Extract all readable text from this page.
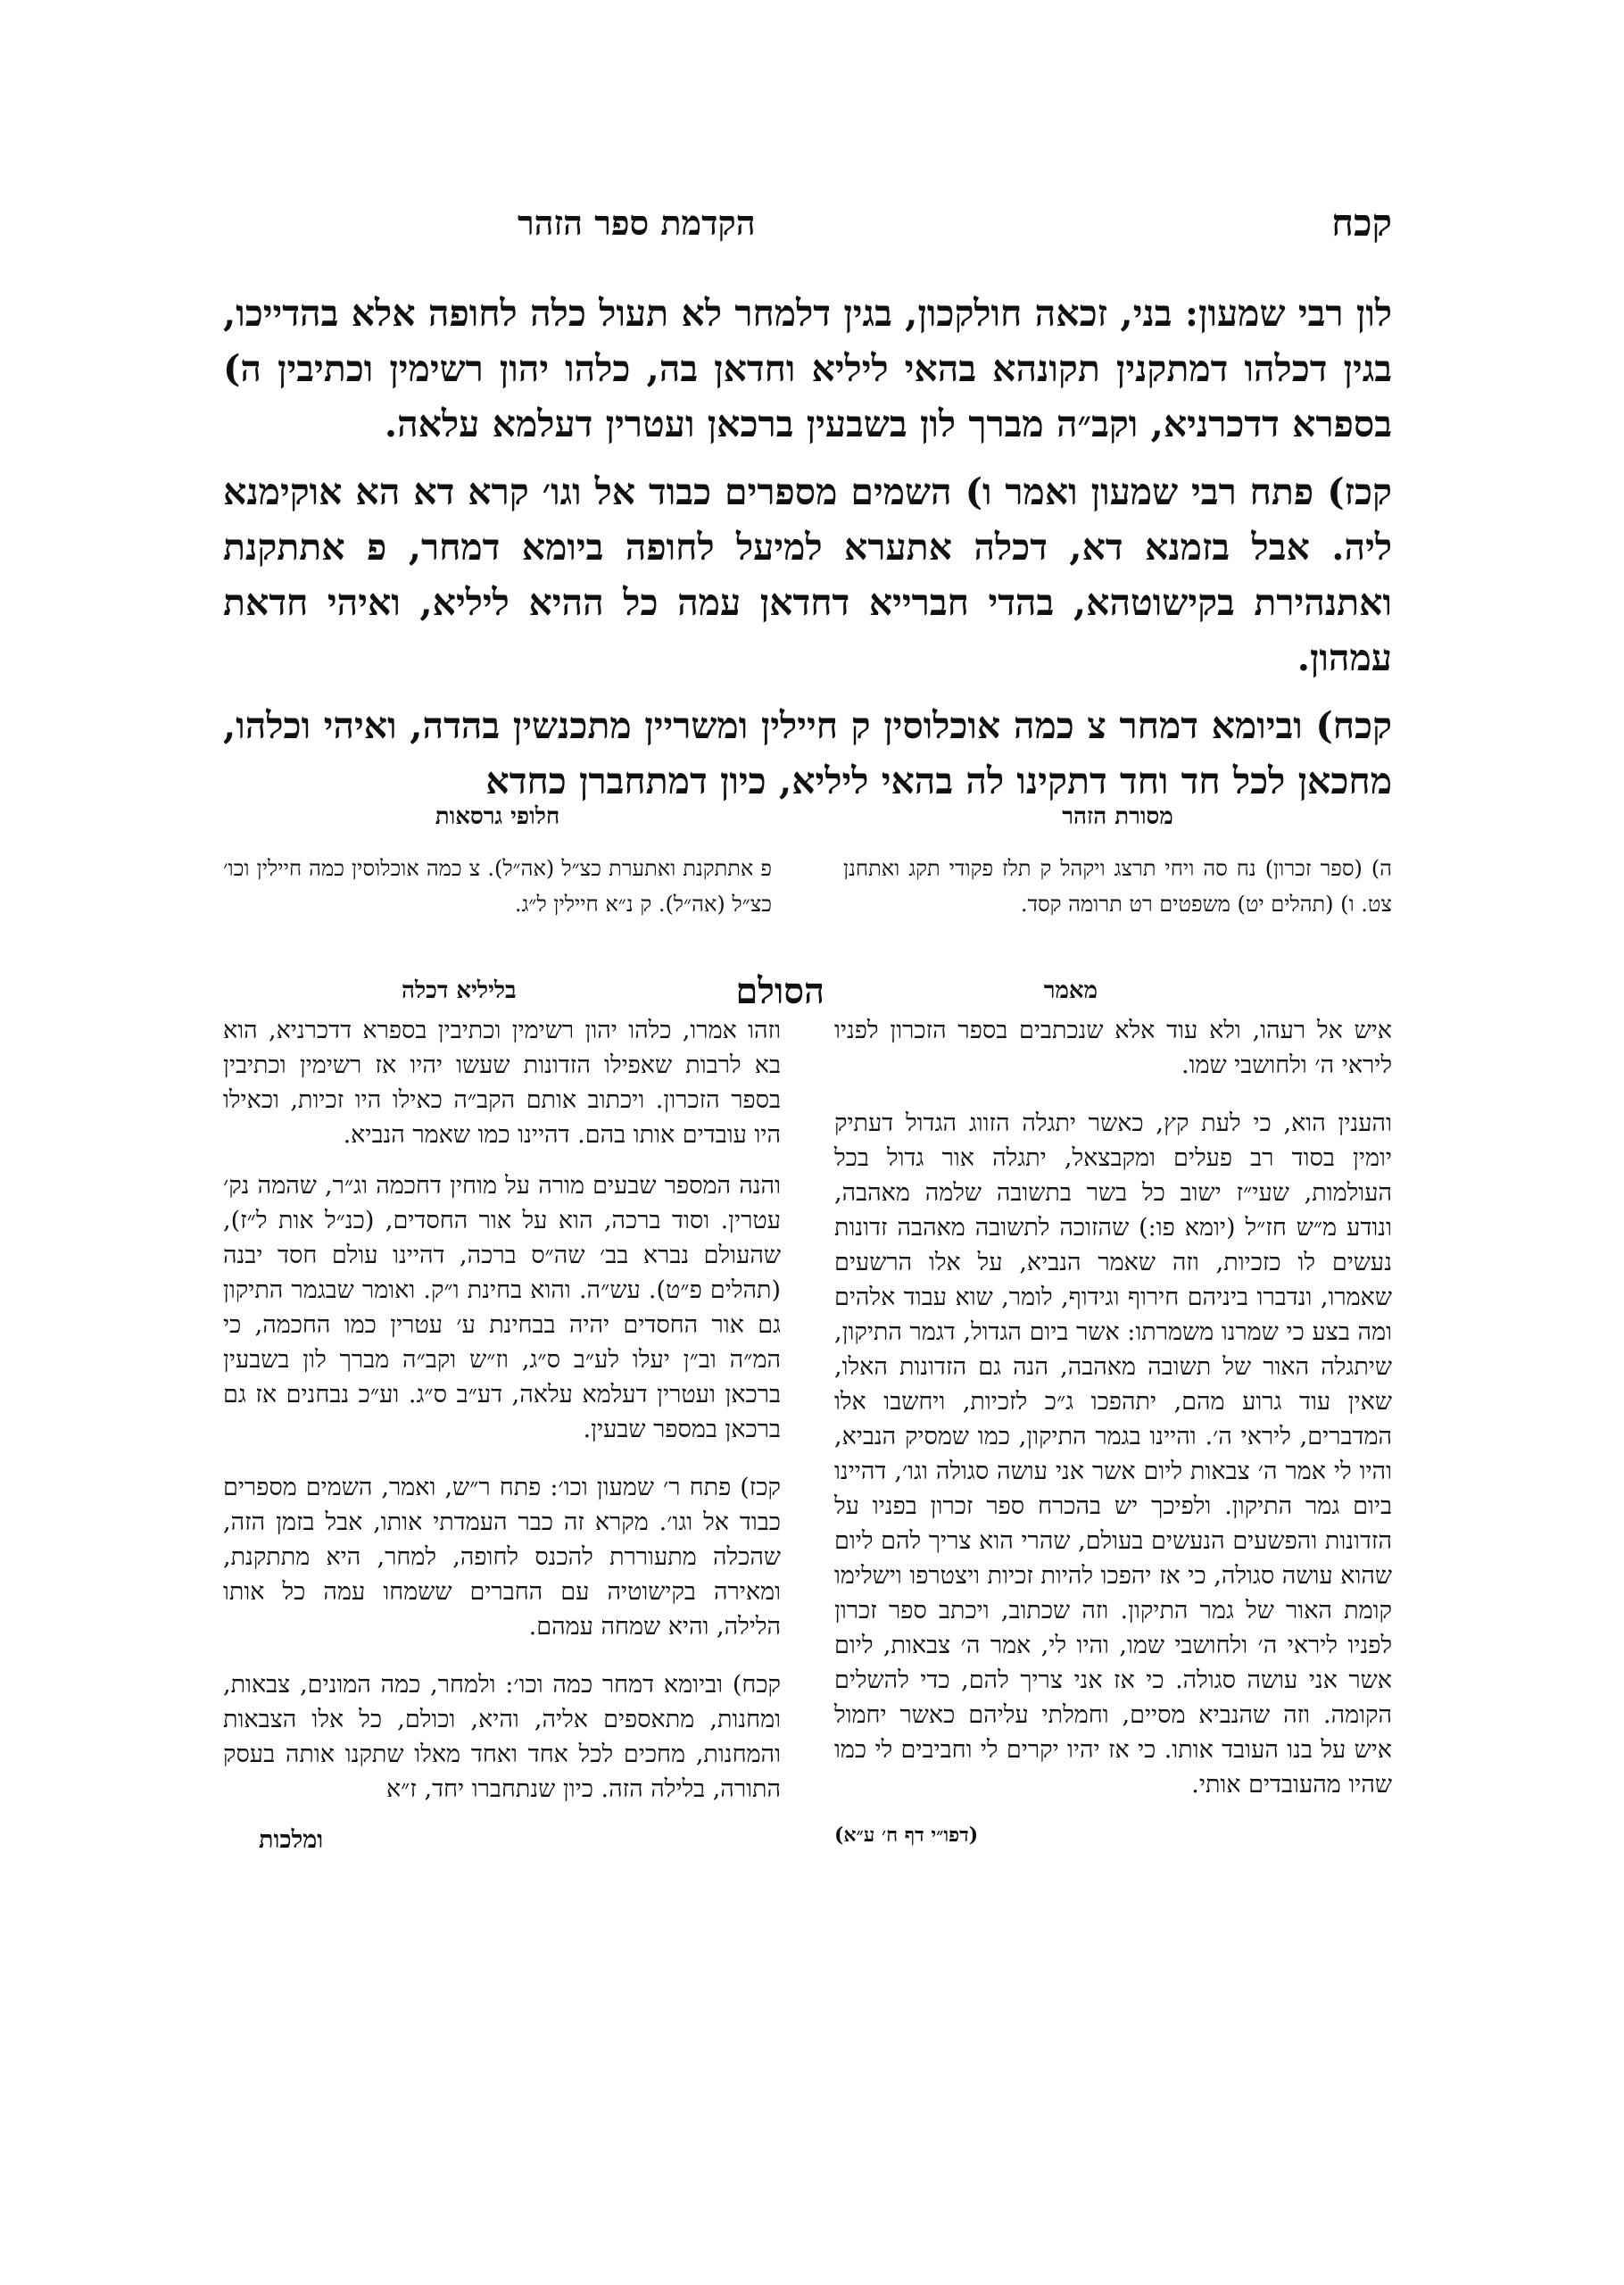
קכח
הקדמת ספר הזהר

לון רבי שמעון: בני, זכאה חולקכון, בגין דלמחר לא תעול כלה לחופה אלא בהדייכו, בגין דכלהו דמתקנין תקונהא בהאי ליליא וחדאן בה, כלהו יהון רשימין וכתיבין ה) בספרא דדכרניא, וקב״ה מברך לון בשבעין ברכאן ועטרין דעלמא עלאה.

קכז) פתח רבי שמעון ואמר ו) השמים מספרים כבוד אל וגו׳ קרא דא הא אוקימנא ליה. אבל בזמנא דא, דכלה אתערא למיעל לחופה ביומא דמחר, פ אתתקנת ואתנהירת בקישוטהא, בהדי חברייא דחדאן עמה כל ההיא ליליא, ואיהי חדאת עמהון.

קכח) וביומא דמחר צ כמה אוכלוסין ק חיילין ומשריין מתכנשין בהדה, ואיהי וכלהו, מחכאן לכל חד וחד דתקינו לה בהאי ליליא, כיון דמתחברן כחדא

מסורת הזהר
ה) (ספר זכרון) נח סה ויחי תרצג ויקהל ק תלז פקודי תקג ואתחנן צט. ו) (תהלים יט) משפטים רט תרומה קסד.
חלופי גרסאות
פ אתתקנת ואתערת כצ״ל (אה״ל). צ כמה אוכלוסין כמה חיילין וכו׳ כצ״ל (אה״ל). ק נ״א חיילין ל״ג.
מאמר
הסולם
בליליא דכלה

איש אל רעהו, ולא עוד אלא שנכתבים בספר הזכרון לפניו ליראי ה׳ ולחושבי שמו.

והענין הוא, כי לעת קץ, כאשר יתגלה הזווג הגדול דעתיק יומין בסוד רב פעלים ומקבצאל, יתגלה אור גדול בכל העולמות, שעי״ז ישוב כל בשר בתשובה שלמה מאהבה, ונודע מ״ש חז״ל (יומא פו:) שהזוכה לתשובה מאהבה זדונות נעשים לו כזכיות, וזה שאמר הנביא, על אלו הרשעים שאמרו, ונדברו ביניהם חירוף וגידוף, לומר, שוא עבוד אלהים ומה בצע כי שמרנו משמרתו: אשר ביום הגדול, דגמר התיקון, שיתגלה האור של תשובה מאהבה, הנה גם הזדונות האלו, שאין עוד גרוע מהם, יתהפכו ג״כ לזכיות, ויחשבו אלו המדברים, ליראי ה׳. והיינו בגמר התיקון, כמו שמסיק הנביא, והיו לי אמר ה׳ צבאות ליום אשר אני עושה סגולה וגו׳, דהיינו ביום גמר התיקון. ולפיכך יש בהכרח ספר זכרון בפניו על הזדונות והפשעים הנעשים בעולם, שהרי הוא צריך להם ליום שהוא עושה סגולה, כי אז יהפכו להיות זכיות ויצטרפו וישלימו קומת האור של גמר התיקון. וזה שכתוב, ויכתב ספר זכרון לפניו ליראי ה׳ ולחושבי שמו, והיו לי, אמר ה׳ צבאות, ליום אשר אני עושה סגולה. כי אז אני צריך להם, כדי להשלים הקומה. וזה שהנביא מסיים, וחמלתי עליהם כאשר יחמול איש על בנו העובד אותו. כי אז יהיו יקרים לי וחביבים לי כמו שהיו מהעובדים אותי.

(דפו״י דף ח׳ ע״א)

וזהו אמרו, כלהו יהון רשימין וכתיבין בספרא דדכרניא, הוא בא לרבות שאפילו הזדונות שעשו יהיו אז רשימין וכתיבין בספר הזכרון. ויכתוב אותם הקב״ה כאילו היו זכיות, וכאילו היו עובדים אותו בהם. דהיינו כמו שאמר הנביא.

והנה המספר שבעים מורה על מוחין דחכמה וג״ר, שהמה נק׳ עטרין. וסוד ברכה, הוא על אור החסדים, (כנ״ל אות ל״ז), שהעולם נברא בב׳ שה״ס ברכה, דהיינו עולם חסד יבנה (תהלים פ״ט). עש״ה. והוא בחינת ו״ק. ואומר שבגמר התיקון גם אור החסדים יהיה בבחינת ע׳ עטרין כמו החכמה, כי המ״ה וב״ן יעלו לע״ב ס״ג, וז״ש וקב״ה מברך לון בשבעין ברכאן ועטרין דעלמא עלאה, דע״ב ס״ג. וע״כ נבחנים אז גם ברכאן במספר שבעין.

קכז) פתח ר׳ שמעון וכו׳: פתח ר״ש, ואמר, השמים מספרים כבוד אל וגו׳. מקרא זה כבר העמדתי אותו, אבל בזמן הזה, שהכלה מתעוררת להכנס לחופה, למחר, היא מתתקנת, ומאירה בקישוטיה עם החברים ששמחו עמה כל אותו הלילה, והיא שמחה עמהם.

קכח) וביומא דמחר כמה וכו׳: ולמחר, כמה המונים, צבאות, ומחנות, מתאספים אליה, והיא, וכולם, כל אלו הצבאות והמחנות, מחכים לכל אחד ואחד מאלו שתקנו אותה בעסק התורה, בלילה הזה. כיון שנתחברו יחד, ז״א

ומלכות
